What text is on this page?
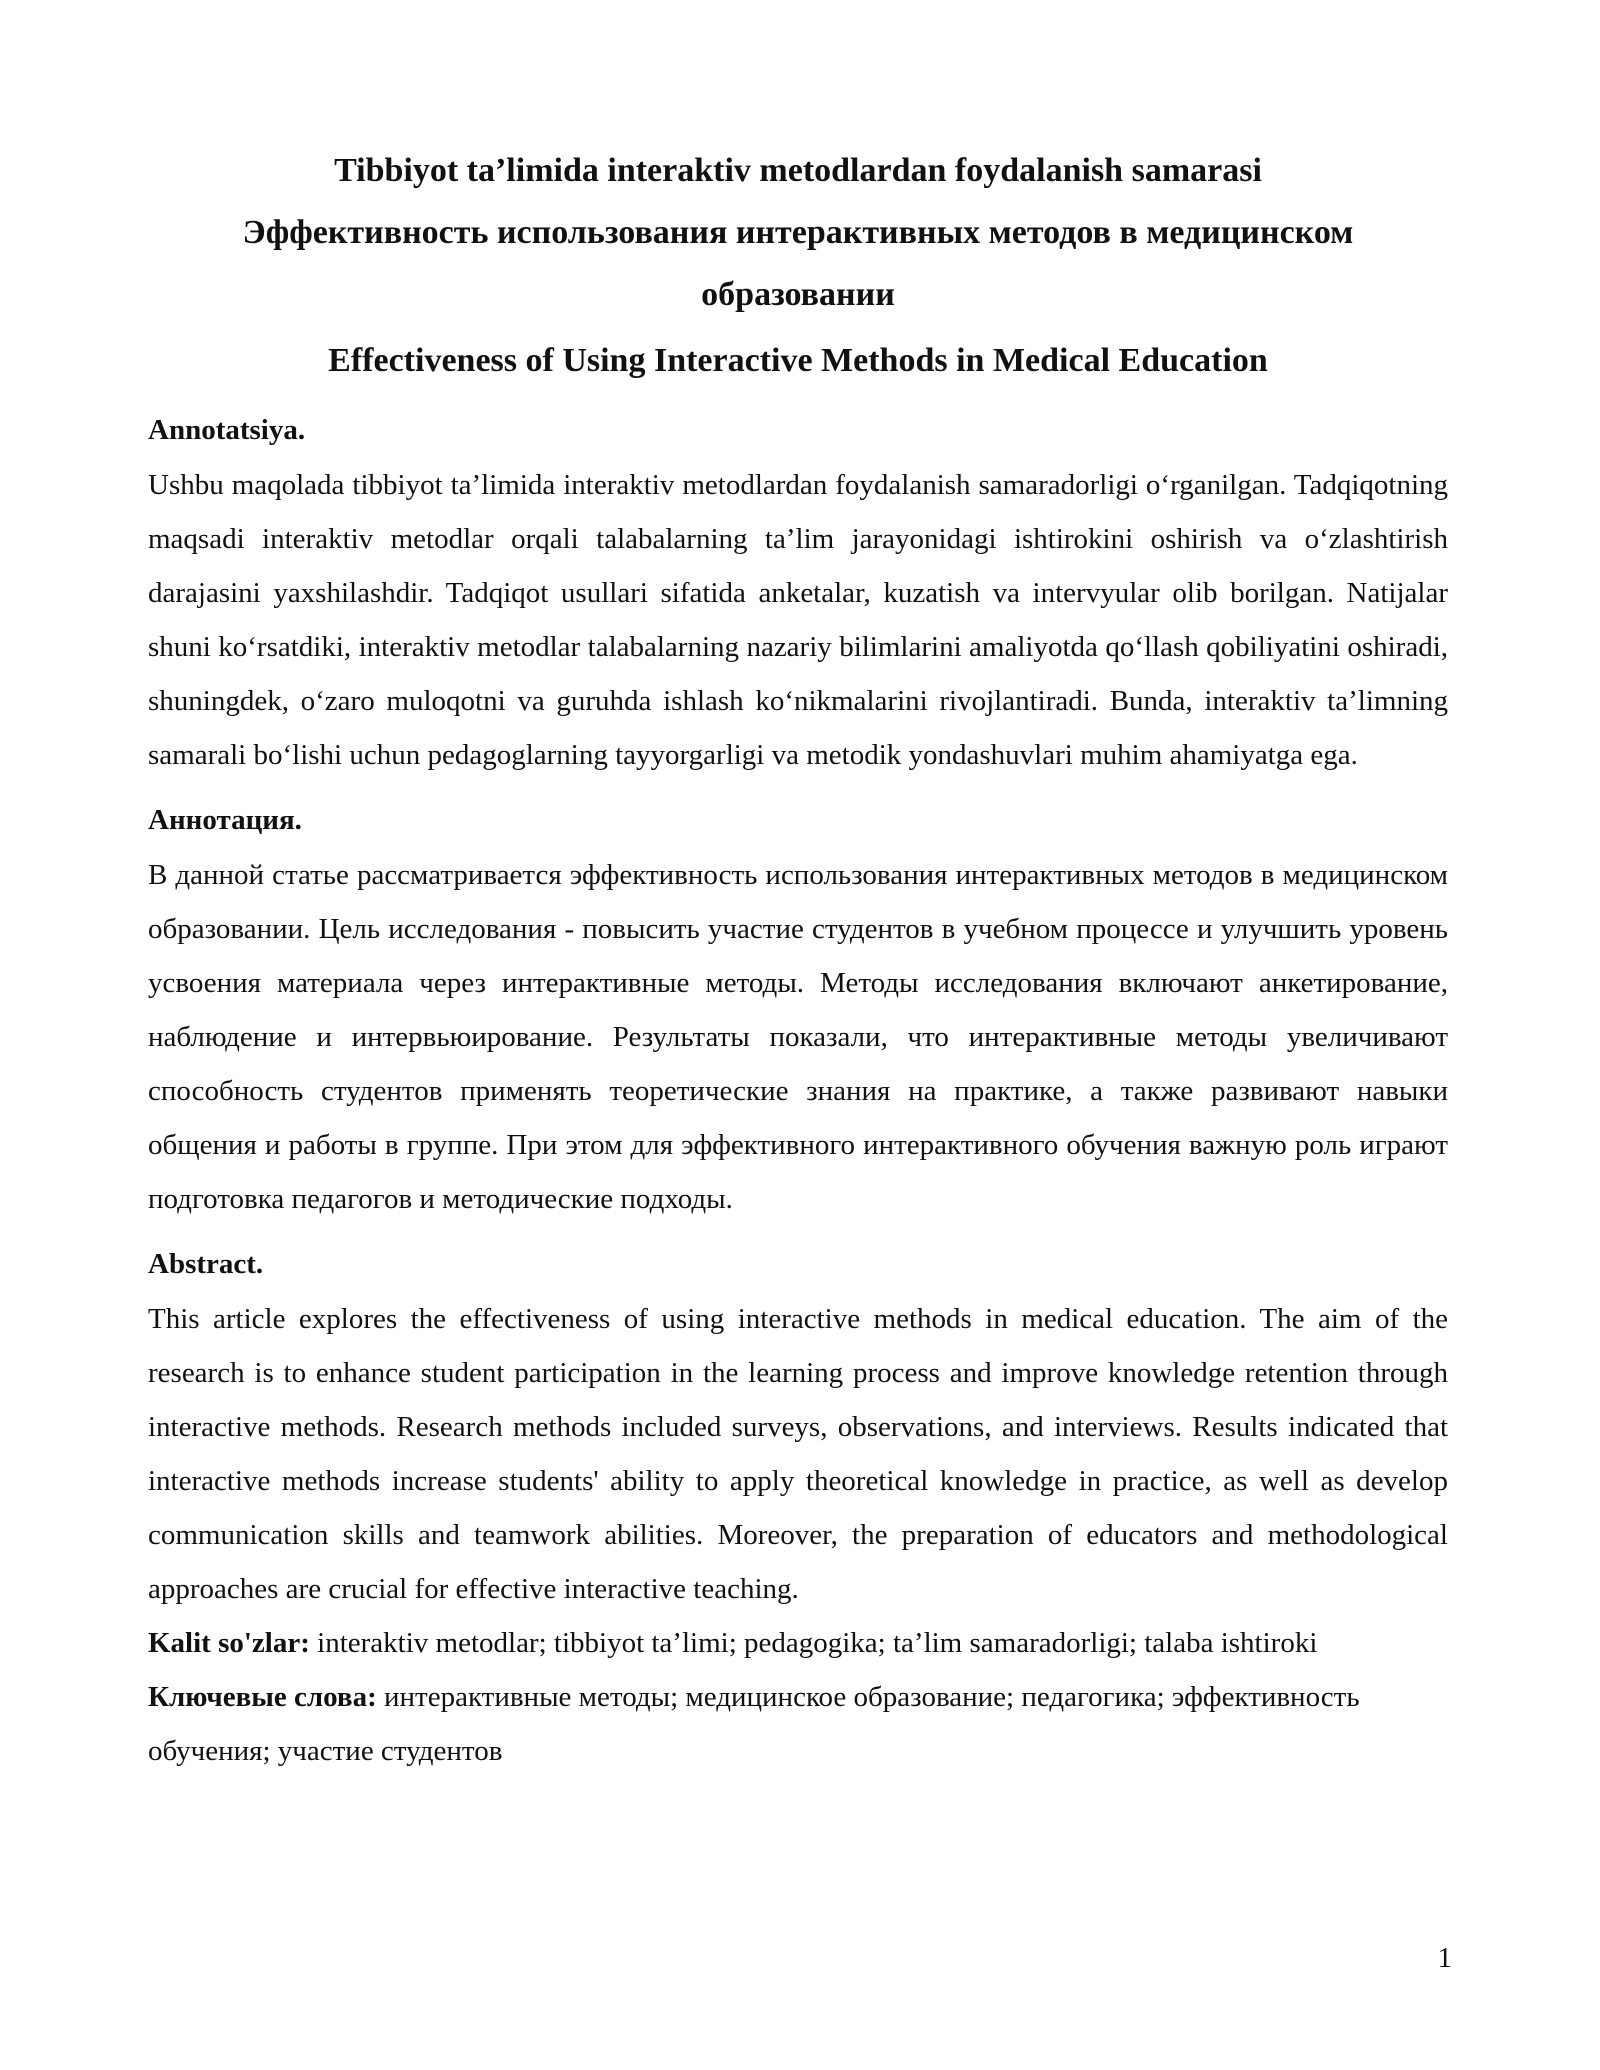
Tibbiyot ta’limida interaktiv metodlardan foydalanish samarasi
Эффективность использования интерактивных методов в медицинском образовании
Effectiveness of Using Interactive Methods in Medical Education
Annotatsiya.

Ushbu maqolada tibbiyot ta’limida interaktiv metodlardan foydalanish samaradorligi o‘rganilgan. Tadqiqotning maqsadi interaktiv metodlar orqali talabalarning ta’lim jarayonidagi ishtirokini oshirish va o‘zlashtirish darajasini yaxshilashdir. Tadqiqot usullari sifatida anketalar, kuzatish va intervyular olib borilgan. Natijalar shuni ko‘rsatdiki, interaktiv metodlar talabalarning nazariy bilimlarini amaliyotda qo‘llash qobiliyatini oshiradi, shuningdek, o‘zaro muloqotni va guruhda ishlash ko‘nikmalarini rivojlantiradi. Bunda, interaktiv ta’limning samarali bo‘lishi uchun pedagoglarning tayyorgarligi va metodik yondashuvlari muhim ahamiyatga ega.

Аннотация.

В данной статье рассматривается эффективность использования интерактивных методов в медицинском образовании. Цель исследования - повысить участие студентов в учебном процессе и улучшить уровень усвоения материала через интерактивные методы. Методы исследования включают анкетирование, наблюдение и интервьюирование. Результаты показали, что интерактивные методы увеличивают способность студентов применять теоретические знания на практике, а также развивают навыки общения и работы в группе. При этом для эффективного интерактивного обучения важную роль играют подготовка педагогов и методические подходы.

Abstract.

This article explores the effectiveness of using interactive methods in medical education. The aim of the research is to enhance student participation in the learning process and improve knowledge retention through interactive methods. Research methods included surveys, observations, and interviews. Results indicated that interactive methods increase students' ability to apply theoretical knowledge in practice, as well as develop communication skills and teamwork abilities. Moreover, the preparation of educators and methodological approaches are crucial for effective interactive teaching.

Kalit so'zlar: interaktiv metodlar; tibbiyot ta’limi; pedagogika; ta’lim samaradorligi; talaba ishtiroki

Ключевые слова: интерактивные методы; медицинское образование; педагогика; эффективность обучения; участие студентов

1
